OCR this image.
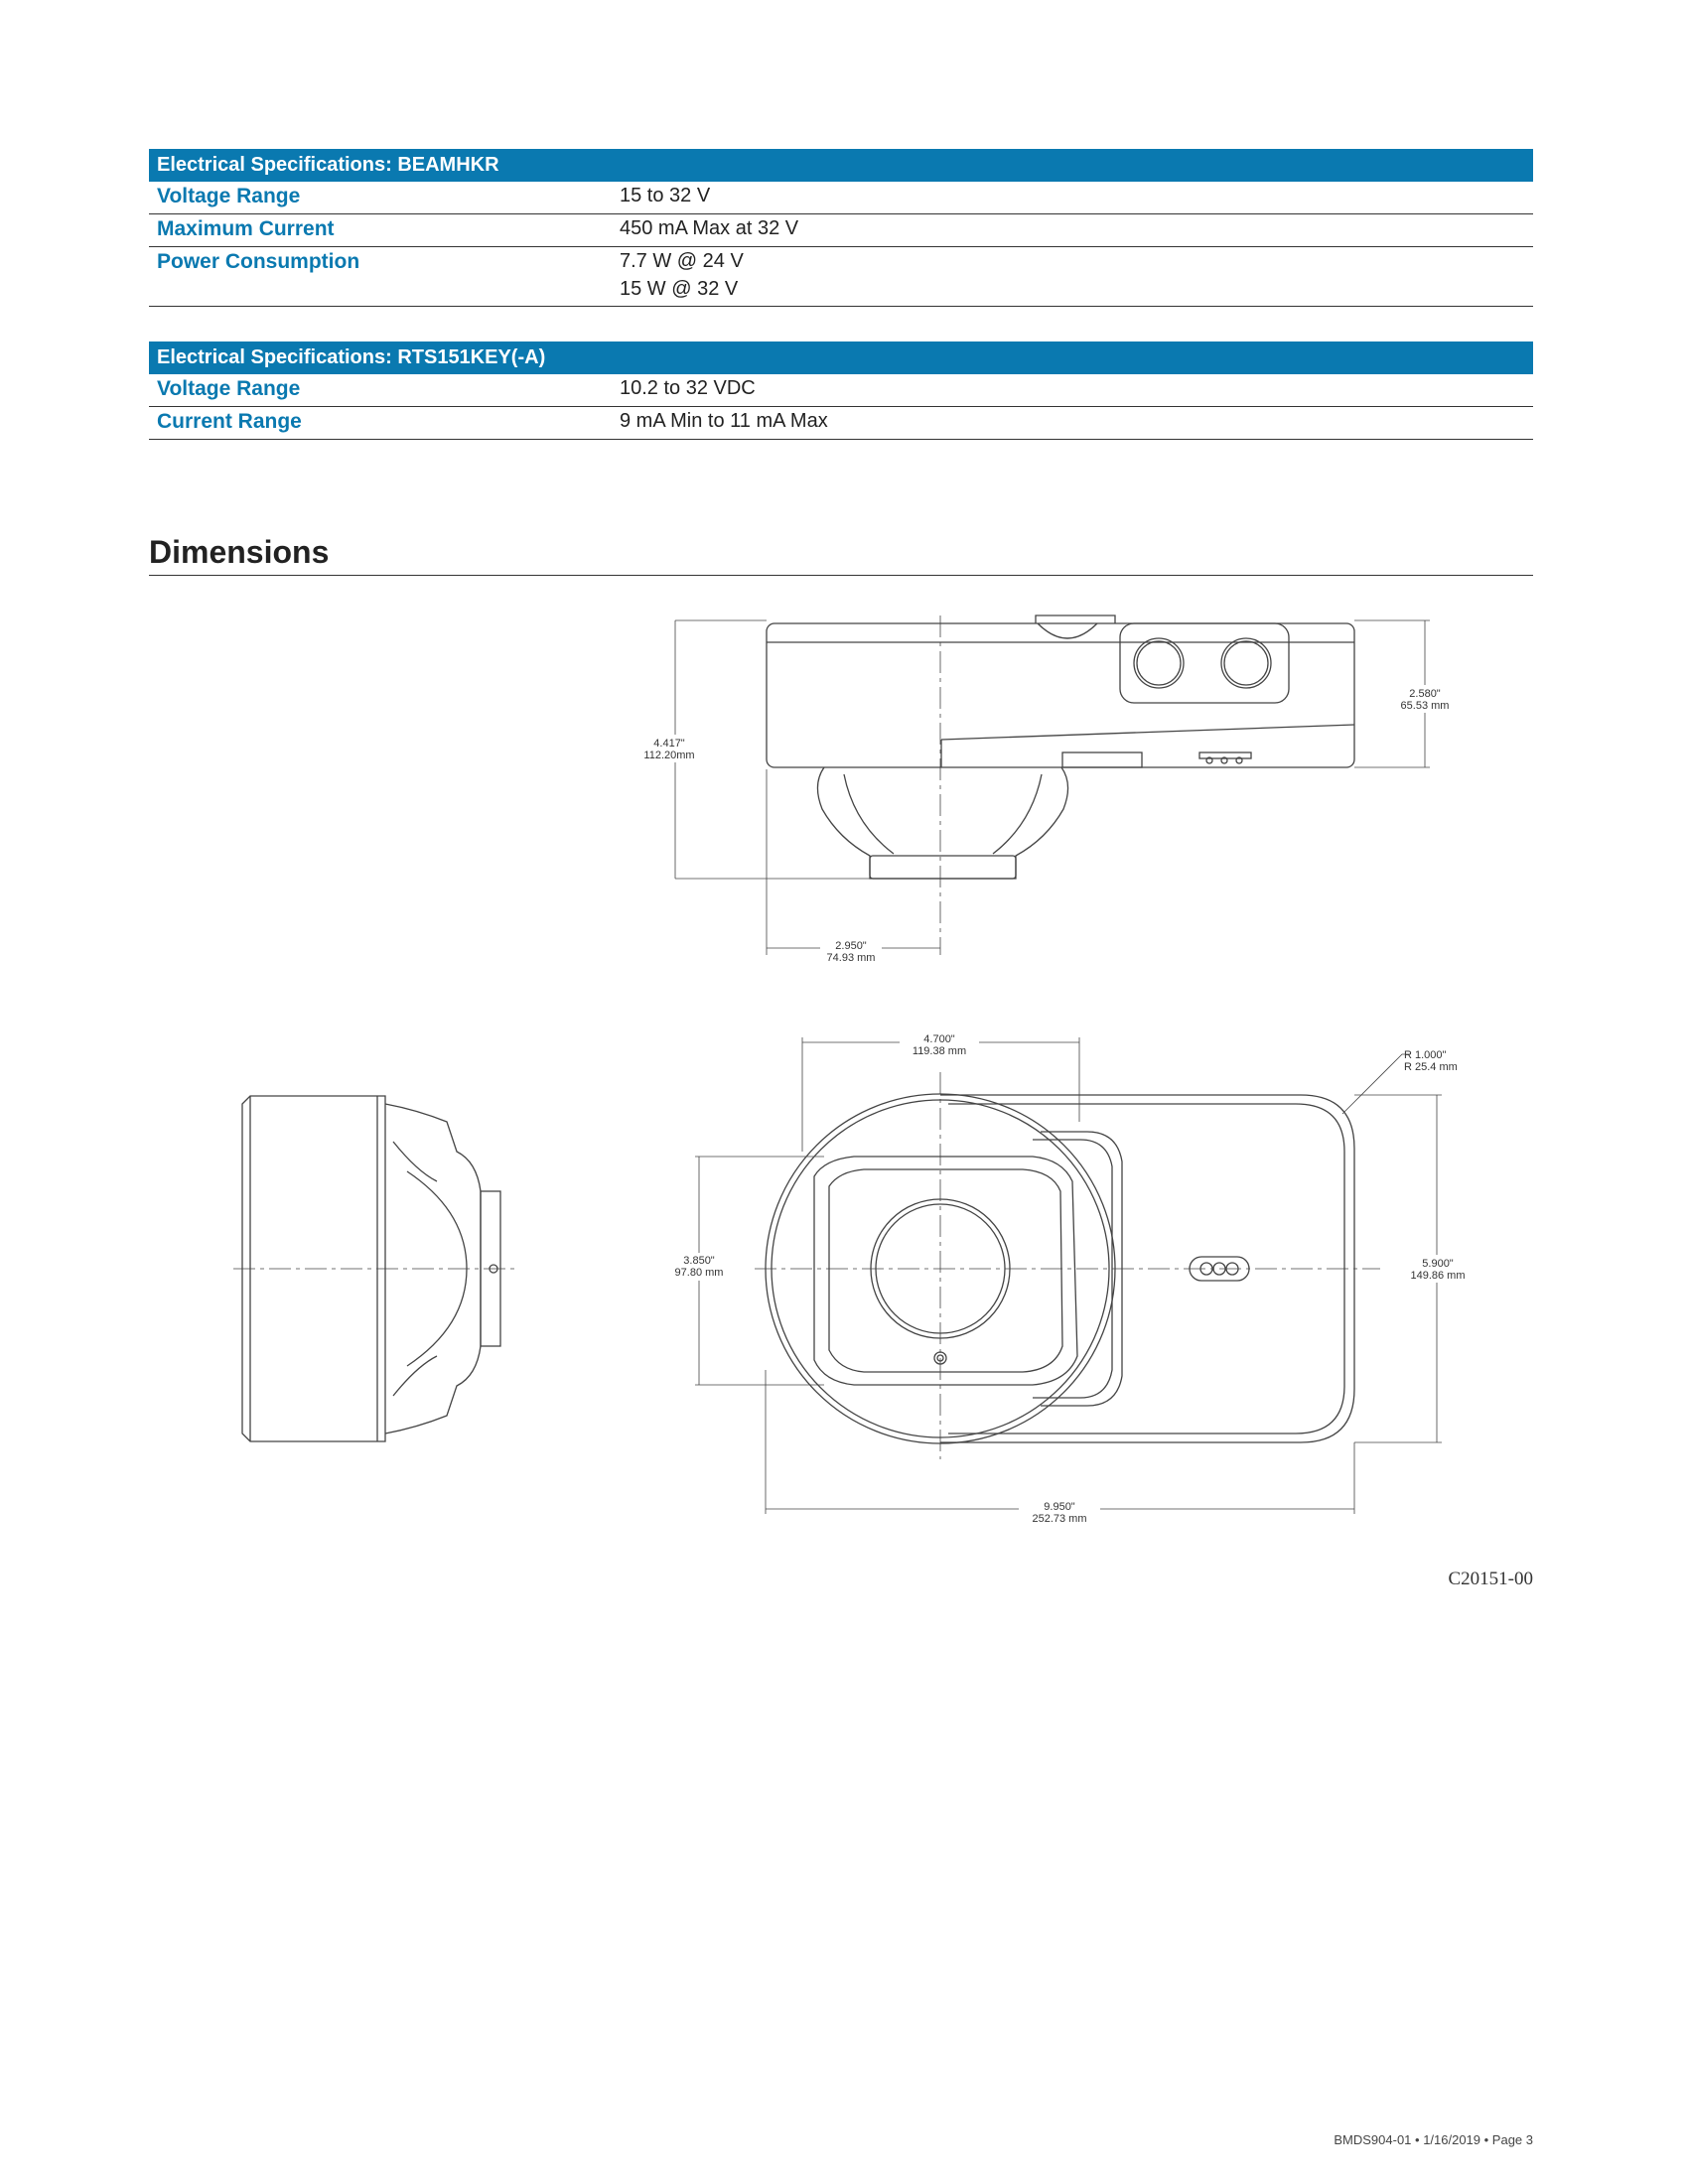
Electrical Specifications: BEAMHKR
Voltage Range	15 to 32 V
Maximum Current	450 mA Max at 32 V
Power Consumption	7.7 W @ 24 V
15 W @ 32 V
Electrical Specifications: RTS151KEY(-A)
Voltage Range	10.2 to 32 VDC
Current Range	9 mA Min to 11 mA Max
Dimensions
4.417"
112.20mm
2.580"
65.53 mm
2.950"
74.93 mm
4.700"
119.38 mm
3.850"
97.80 mm
5.900"
149.86 mm
9.950"
252.73 mm
R 1.000"
R 25.4 mm
C20151-00
BMDS904-01 • 1/16/2019 • Page 3
